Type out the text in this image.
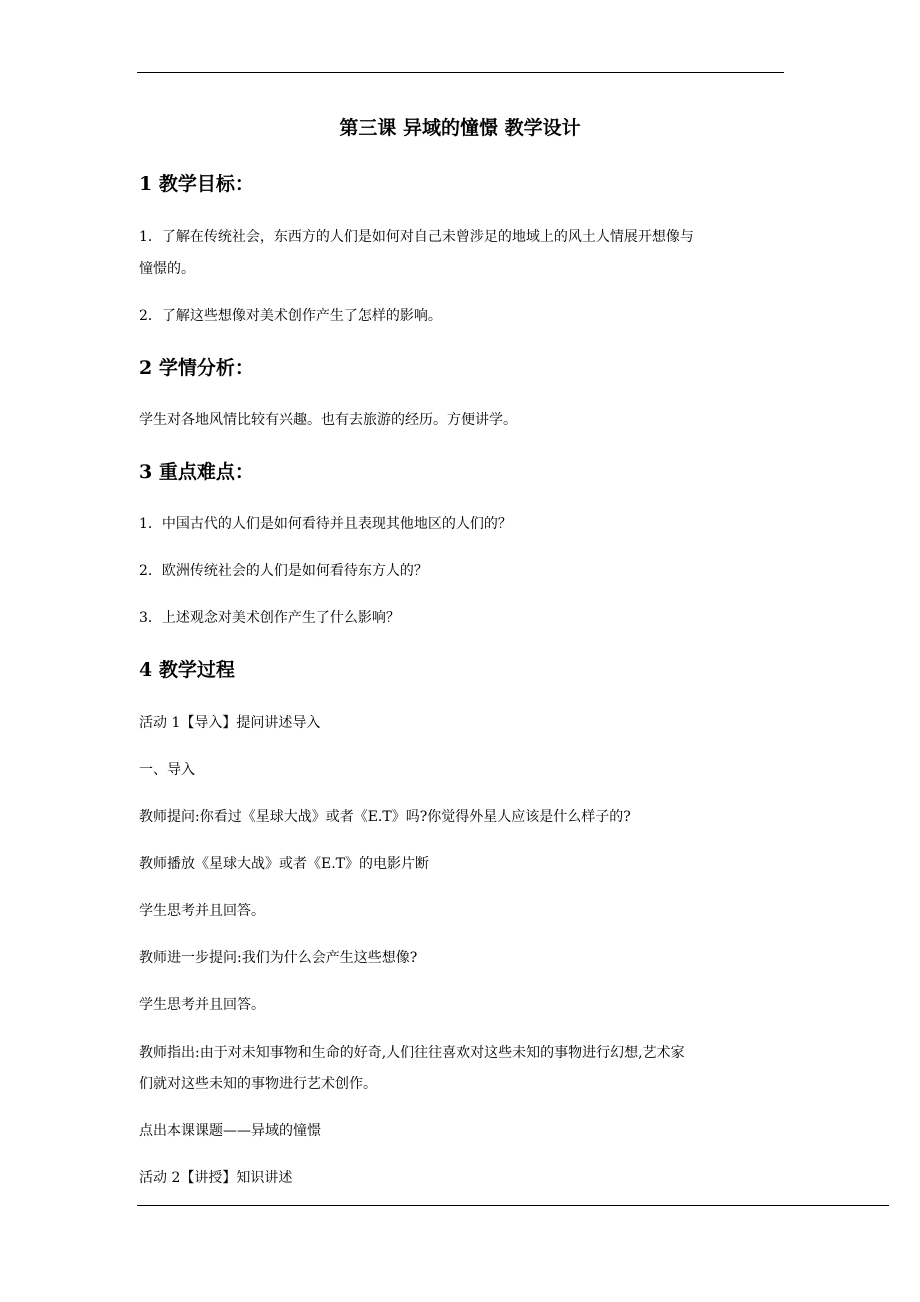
第三课 异域的憧憬 教学设计
1 教学目标：
1．了解在传统社会，东西方的人们是如何对自己未曾涉足的地域上的风土人情展开想像与
憧憬的。
2．了解这些想像对美术创作产生了怎样的影响。
2 学情分析：
学生对各地风情比较有兴趣。也有去旅游的经历。方便讲学。
3 重点难点：
1．中国古代的人们是如何看待并且表现其他地区的人们的？
2．欧洲传统社会的人们是如何看待东方人的？
3．上述观念对美术创作产生了什么影响？
4 教学过程
活动 1【导入】提问讲述导入
一、导入
教师提问:你看过《星球大战》或者《E.T》吗?你觉得外星人应该是什么样子的?
教师播放《星球大战》或者《E.T》的电影片断
学生思考并且回答。
教师进一步提问:我们为什么会产生这些想像?
学生思考并且回答。
教师指出:由于对未知事物和生命的好奇,人们往往喜欢对这些未知的事物进行幻想,艺术家
们就对这些未知的事物进行艺术创作。
点出本课课题——异域的憧憬
活动 2【讲授】知识讲述
